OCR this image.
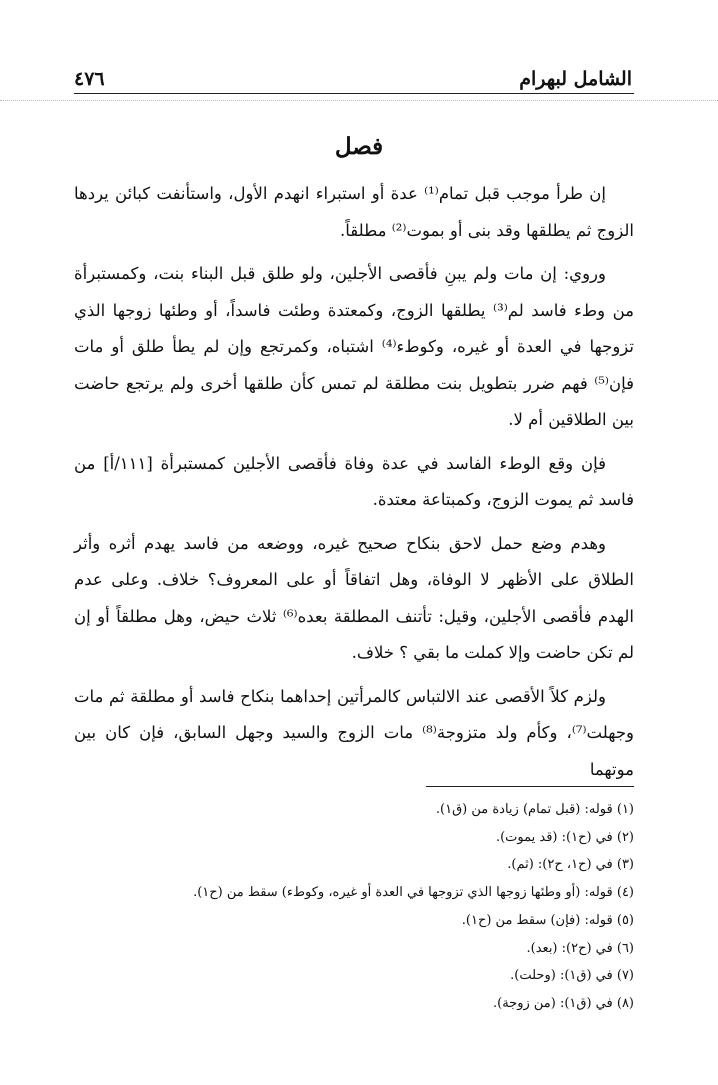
الشامل لبهرام
٤٧٦
فصل

إن طرأ موجب قبل تمام⁽¹⁾ عدة أو استبراء انهدم الأول، واستأنفت كبائن يردها الزوج ثم يطلقها وقد بنى أو بموت⁽²⁾ مطلقاً.

وروي: إن مات ولم يبنِ فأقصى الأجلين، ولو طلق قبل البناء بنت، وكمستبرأة من وطء فاسد لم⁽³⁾ يطلقها الزوج، وكمعتدة وطئت فاسداً، أو وطئها زوجها الذي تزوجها في العدة أو غيره، وكوطء⁽⁴⁾ اشتباه، وكمرتجع وإن لم يطأ طلق أو مات فإن⁽⁵⁾ فهم ضرر بتطويل بنت مطلقة لم تمس كأن طلقها أخرى ولم يرتجع حاضت بين الطلاقين أم لا.

فإن وقع الوطء الفاسد في عدة وفاة فأقصى الأجلين كمستبرأة [١١١/أ] من فاسد ثم يموت الزوج، وكمبتاعة معتدة.

وهدم وضع حمل لاحق بنكاح صحيح غيره، ووضعه من فاسد يهدم أثره وأثر الطلاق على الأظهر لا الوفاة، وهل اتفاقاً أو على المعروف؟ خلاف. وعلى عدم الهدم فأقصى الأجلين، وقيل: تأتنف المطلقة بعده⁽⁶⁾ ثلاث حيض، وهل مطلقاً أو إن لم تكن حاضت وإلا كملت ما بقي ؟ خلاف.

ولزم كلاً الأقصى عند الالتباس كالمرأتين إحداهما بنكاح فاسد أو مطلقة ثم مات وجهلت⁽⁷⁾، وكأم ولد متزوجة⁽⁸⁾ مات الزوج والسيد وجهل السابق، فإن كان بين موتهما

(١) قوله: (قبل تمام) زيادة من (ق١).
(٢) في (ح١): (قد يموت).
(٣) في (ح١، ح٢): (ثم).
(٤) قوله: (أو وطئها زوجها الذي تزوجها في العدة أو غيره، وكوطء) سقط من (ح١).
(٥) قوله: (فإن) سقط من (ح١).
(٦) في (ح٢): (بعد).
(٧) في (ق١): (وحلت).
(٨) في (ق١): (من زوجة).
